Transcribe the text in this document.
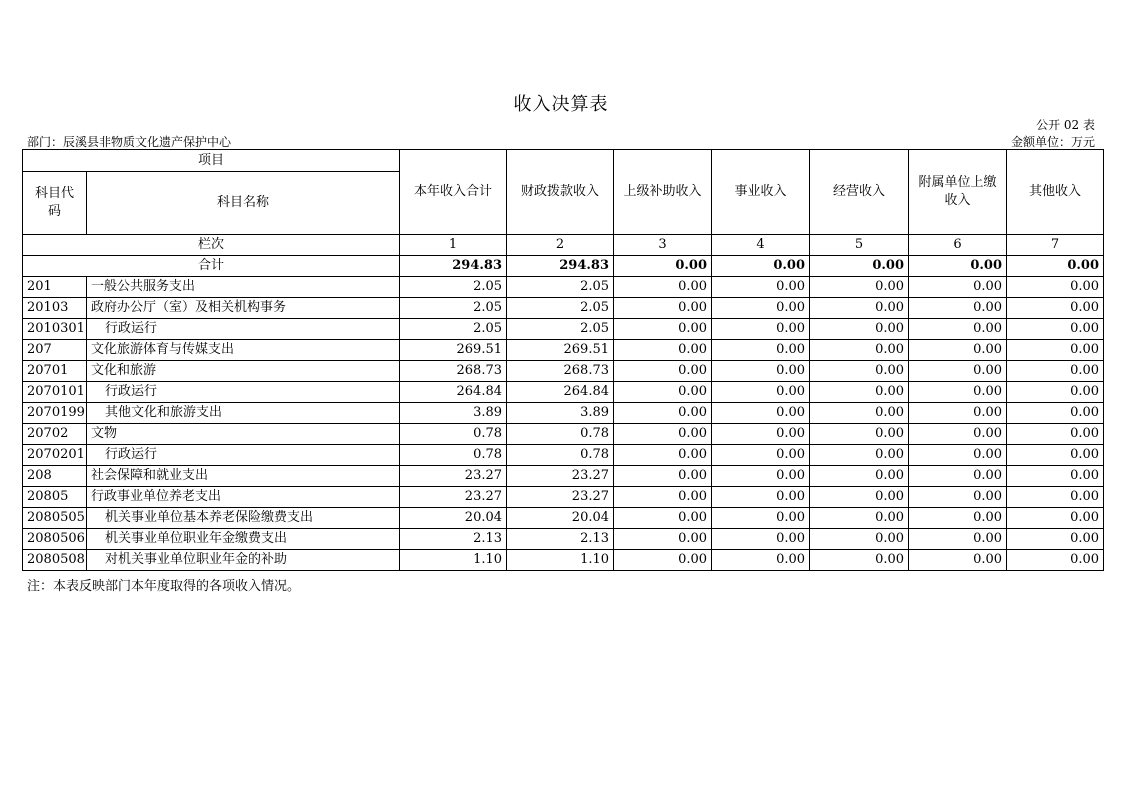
收入决算表
公开 02 表
部门：辰溪县非物质文化遗产保护中心	金额单位：万元
项目		本年收入合计	财政拨款收入	上级补助收入	事业收入	经营收入	附属单位上缴收入	其他收入
科目代码	科目名称							
栏次		1	2	3	4	5	6	7
合计		294.83	294.83	0.00	0.00	0.00	0.00	0.00
201	一般公共服务支出	2.05	2.05	0.00	0.00	0.00	0.00	0.00
20103	政府办公厅（室）及相关机构事务	2.05	2.05	0.00	0.00	0.00	0.00	0.00
2010301	行政运行	2.05	2.05	0.00	0.00	0.00	0.00	0.00
207	文化旅游体育与传媒支出	269.51	269.51	0.00	0.00	0.00	0.00	0.00
20701	文化和旅游	268.73	268.73	0.00	0.00	0.00	0.00	0.00
2070101	行政运行	264.84	264.84	0.00	0.00	0.00	0.00	0.00
2070199	其他文化和旅游支出	3.89	3.89	0.00	0.00	0.00	0.00	0.00
20702	文物	0.78	0.78	0.00	0.00	0.00	0.00	0.00
2070201	行政运行	0.78	0.78	0.00	0.00	0.00	0.00	0.00
208	社会保障和就业支出	23.27	23.27	0.00	0.00	0.00	0.00	0.00
20805	行政事业单位养老支出	23.27	23.27	0.00	0.00	0.00	0.00	0.00
2080505	机关事业单位基本养老保险缴费支出	20.04	20.04	0.00	0.00	0.00	0.00	0.00
2080506	机关事业单位职业年金缴费支出	2.13	2.13	0.00	0.00	0.00	0.00	0.00
2080508	对机关事业单位职业年金的补助	1.10	1.10	0.00	0.00	0.00	0.00	0.00
注：本表反映部门本年度取得的各项收入情况。
